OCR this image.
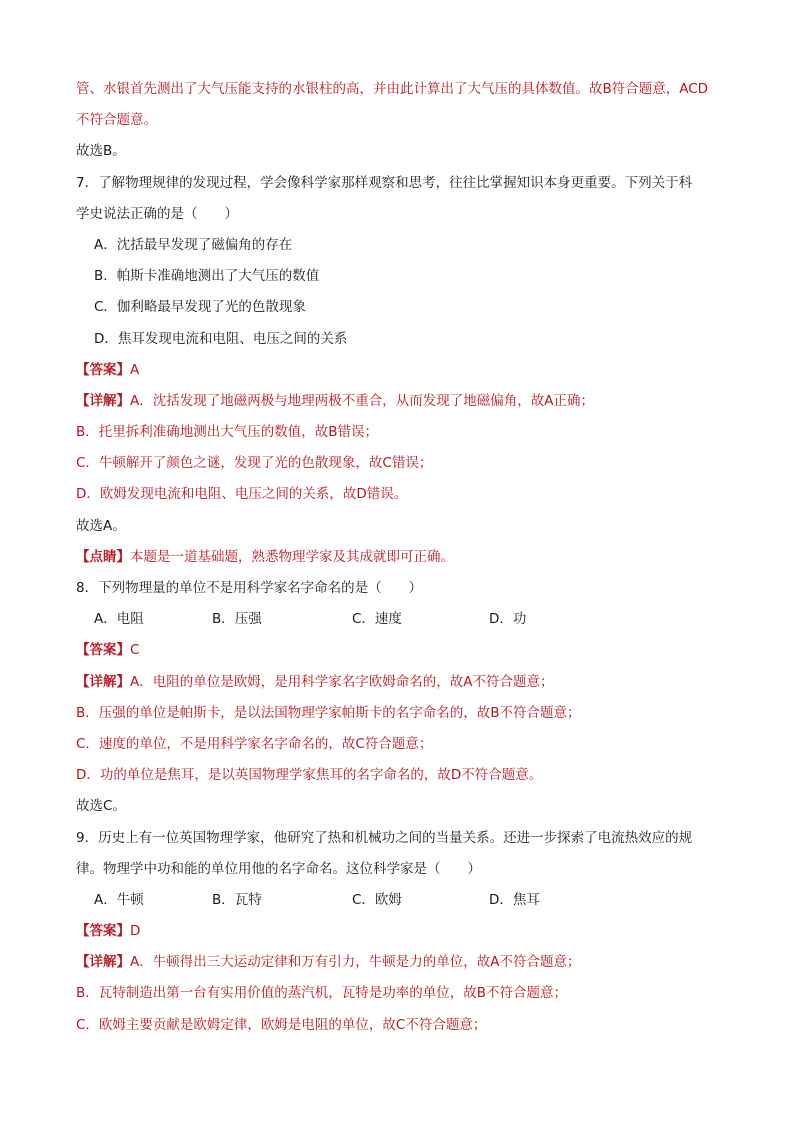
管、水银首先测出了大气压能支持的水银柱的高，并由此计算出了大气压的具体数值。故B符合题意，ACD
不符合题意。
故选B。
7．了解物理规律的发现过程，学会像科学家那样观察和思考，往往比掌握知识本身更重要。下列关于科
学史说法正确的是（　　）
A．沈括最早发现了磁偏角的存在
B．帕斯卡准确地测出了大气压的数值
C．伽利略最早发现了光的色散现象
D．焦耳发现电流和电阻、电压之间的关系
【答案】A
【详解】A．沈括发现了地磁两极与地理两极不重合，从而发现了地磁偏角，故A正确；
B．托里拆利准确地测出大气压的数值，故B错误；
C．牛顿解开了颜色之谜，发现了光的色散现象，故C错误；
D．欧姆发现电流和电阻、电压之间的关系，故D错误。
故选A。
【点睛】本题是一道基础题，熟悉物理学家及其成就即可正确。
8．下列物理量的单位不是用科学家名字命名的是（　　）
A．电阻	B．压强	C．速度	D．功
【答案】C
【详解】A．电阻的单位是欧姆，是用科学家名字欧姆命名的，故A不符合题意；
B．压强的单位是帕斯卡，是以法国物理学家帕斯卡的名字命名的，故B不符合题意；
C．速度的单位，不是用科学家名字命名的，故C符合题意；
D．功的单位是焦耳，是以英国物理学家焦耳的名字命名的，故D不符合题意。
故选C。
9．历史上有一位英国物理学家，他研究了热和机械功之间的当量关系。还进一步探索了电流热效应的规
律。物理学中功和能的单位用他的名字命名。这位科学家是（　　）
A．牛顿	B．瓦特	C．欧姆	D．焦耳
【答案】D
【详解】A．牛顿得出三大运动定律和万有引力，牛顿是力的单位，故A不符合题意；
B．瓦特制造出第一台有实用价值的蒸汽机，瓦特是功率的单位，故B不符合题意；
C．欧姆主要贡献是欧姆定律，欧姆是电阻的单位，故C不符合题意；
